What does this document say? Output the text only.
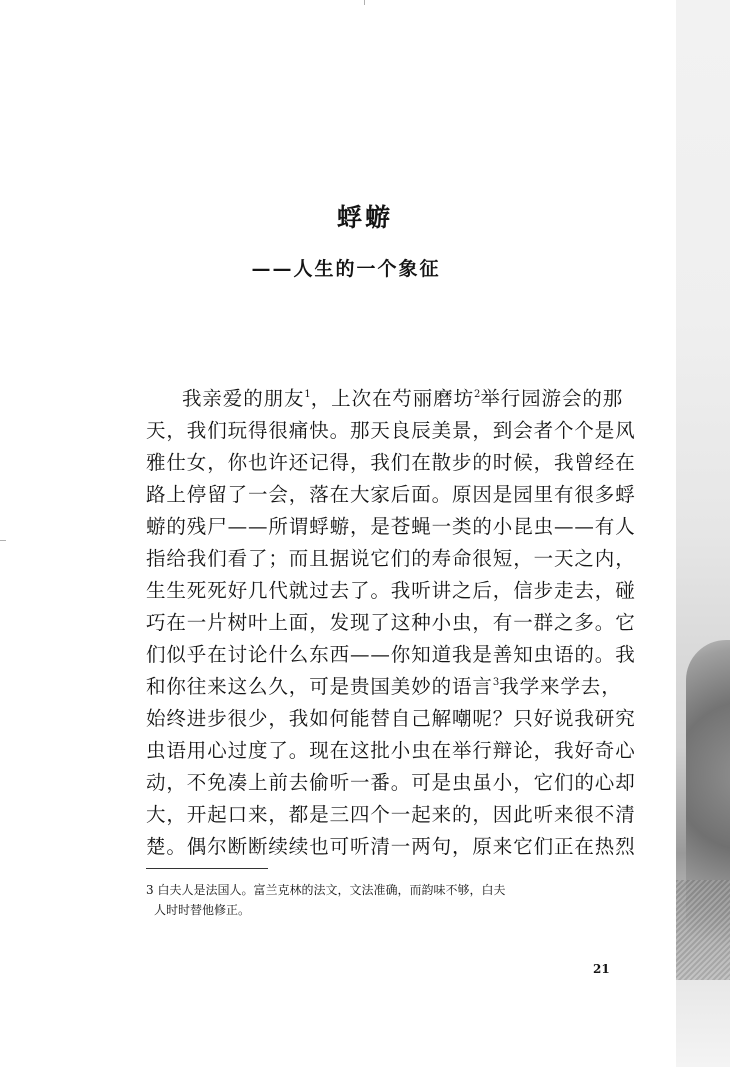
蜉蝣
——人生的一个象征
我亲爱的朋友$^1$，上次在芍丽磨坊$^2$举行园游会的那
天，我们玩得很痛快。那天良辰美景，到会者个个是风
雅仕女，你也许还记得，我们在散步的时候，我曾经在
路上停留了一会，落在大家后面。原因是园里有很多蜉
蝣的残尸——所谓蜉蝣，是苍蝇一类的小昆虫——有人
指给我们看了；而且据说它们的寿命很短，一天之内，
生生死死好几代就过去了。我听讲之后，信步走去，碰
巧在一片树叶上面，发现了这种小虫，有一群之多。它
们似乎在讨论什么东西——你知道我是善知虫语的。我
和你往来这么久，可是贵国美妙的语言$^3$我学来学去，
始终进步很少，我如何能替自己解嘲呢？只好说我研究
虫语用心过度了。现在这批小虫在举行辩论，我好奇心
动，不免凑上前去偷听一番。可是虫虽小，它们的心却
大，开起口来，都是三四个一起来的，因此听来很不清
楚。偶尔断断续续也可听清一两句，原来它们正在热烈
3 白夫人是法国人。富兰克林的法文，文法准确，而韵味不够，白夫
人时时替他修正。
21
